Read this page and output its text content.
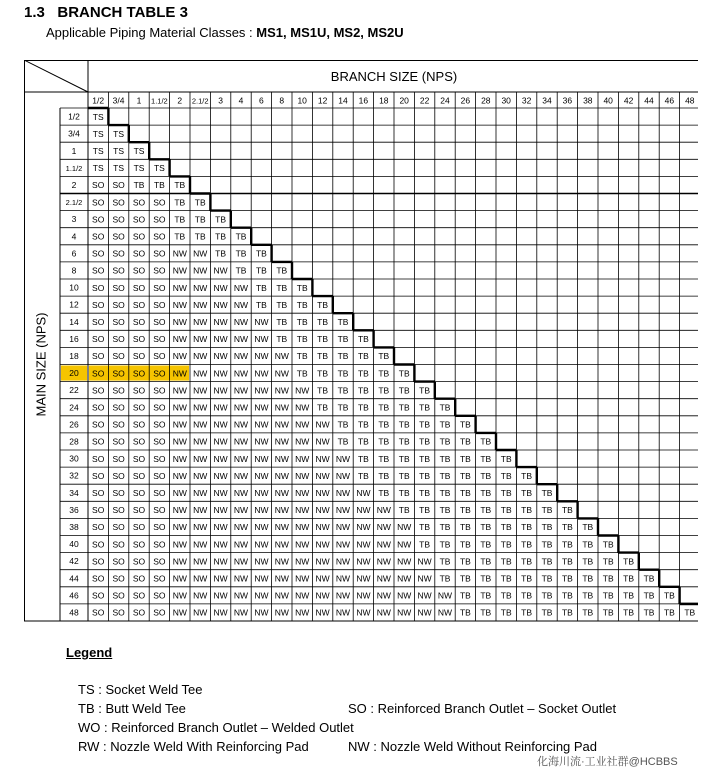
1.3 BRANCH TABLE 3
Applicable Piping Material Classes : MS1, MS1U, MS2, MS2U
BRANCH SIZE (NPS)
MAIN SIZE (NPS)
1/2 3/4 1 1.1/2 2 2.1/2 3 4 6 8 10 12 14 16 18 20 22 24 26 28 30 32 34 36 38 40 42 44 46 48
1/2
3/4
1
1.1/2
2
2.1/2
3
4
6
8
10
12
14
16
18
20
22
24
26
28
30
32
34
36
38
40
42
44
46
48
TS
TS TS
TS TS TS
TS TS TS TS
SO SO TB TB TB
SO SO SO SO TB TB
SO SO SO SO TB TB TB
SO SO SO SO TB TB TB TB
SO SO SO SO NW NW TB TB TB
SO SO SO SO NW NW NW TB TB TB
SO SO SO SO NW NW NW NW TB TB TB
SO SO SO SO NW NW NW NW TB TB TB TB
SO SO SO SO NW NW NW NW NW TB TB TB TB
SO SO SO SO NW NW NW NW NW TB TB TB TB TB
SO SO SO SO NW NW NW NW NW NW TB TB TB TB TB
SO SO SO SO NW NW NW NW NW NW TB TB TB TB TB TB
SO SO SO SO NW NW NW NW NW NW NW TB TB TB TB TB TB
SO SO SO SO NW NW NW NW NW NW NW TB TB TB TB TB TB TB
SO SO SO SO NW NW NW NW NW NW NW NW TB TB TB TB TB TB TB
SO SO SO SO NW NW NW NW NW NW NW NW TB TB TB TB TB TB TB TB
SO SO SO SO NW NW NW NW NW NW NW NW NW TB TB TB TB TB TB TB TB
SO SO SO SO NW NW NW NW NW NW NW NW NW TB TB TB TB TB TB TB TB TB
SO SO SO SO NW NW NW NW NW NW NW NW NW NW TB TB TB TB TB TB TB TB TB
SO SO SO SO NW NW NW NW NW NW NW NW NW NW NW TB TB TB TB TB TB TB TB TB
SO SO SO SO NW NW NW NW NW NW NW NW NW NW NW NW TB TB TB TB TB TB TB TB TB
SO SO SO SO NW NW NW NW NW NW NW NW NW NW NW NW TB TB TB TB TB TB TB TB TB TB
SO SO SO SO NW NW NW NW NW NW NW NW NW NW NW NW NW TB TB TB TB TB TB TB TB TB TB
SO SO SO SO NW NW NW NW NW NW NW NW NW NW NW NW NW TB TB TB TB TB TB TB TB TB TB TB
SO SO SO SO NW NW NW NW NW NW NW NW NW NW NW NW NW NW TB TB TB TB TB TB TB TB TB TB TB
SO SO SO SO NW NW NW NW NW NW NW NW NW NW NW NW NW NW TB TB TB TB TB TB TB TB TB TB TB TB
Legend
TS : Socket Weld Tee
TB : Butt Weld Tee	SO : Reinforced Branch Outlet – Socket Outlet
WO : Reinforced Branch Outlet – Welded Outlet
RW : Nozzle Weld With Reinforcing Pad	NW : Nozzle Weld Without Reinforcing Pad
化海川流·工业社群@HCBBS
